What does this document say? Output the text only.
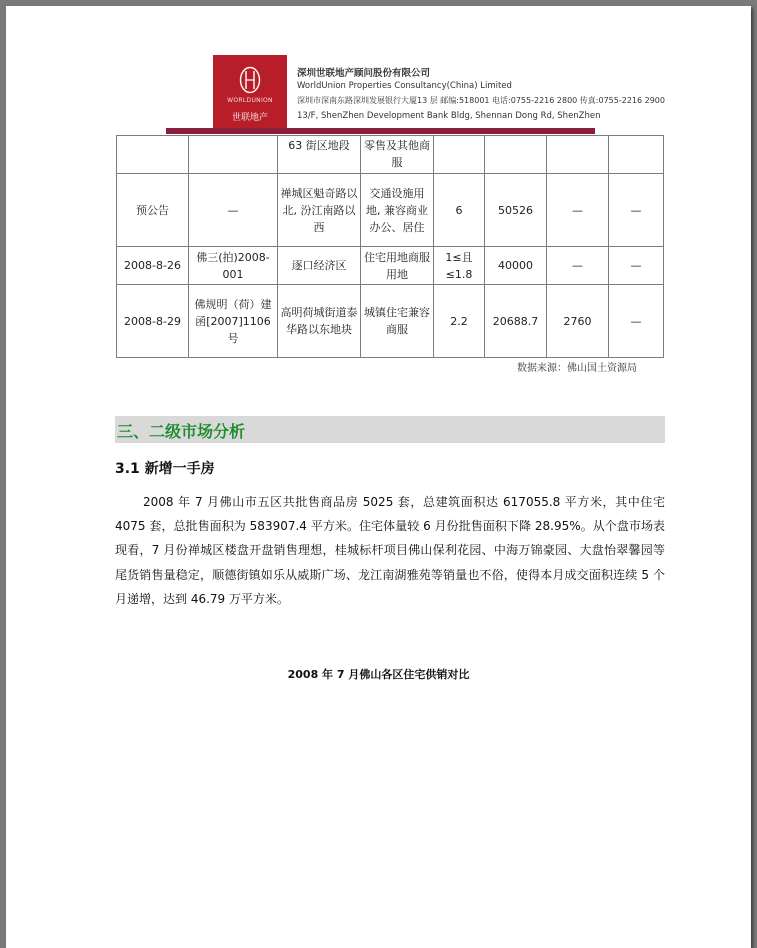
WORLDUNION
世联地产
深圳世联地产顾问股份有限公司
WorldUnion Properties Consultancy(China) Limited
深圳市深南东路深圳发展银行大厦13 层 邮编:518001 电话:0755-2216 2800 传真:0755-2216 2900
13/F, ShenZhen Development Bank Bldg, Shennan Dong Rd, ShenZhen
		63 街区地段	零售及其他商服				
预公告	—	禅城区魁奇路以北, 汾江南路以西	交通设施用地, 兼容商业办公、居住	6	50526	—	—
2008-8-26	佛三(拍)2008-001	逐口经济区	住宅用地商服用地	1≤且≤1.8	40000	—	—
2008-8-29	佛规明（荷）建函[2007]1106号	高明荷城街道泰华路以东地块	城镇住宅兼容商服	2.2	20688.7	2760	—
数据来源：佛山国土资源局
三、二级市场分析
3.1 新增一手房

2008 年 7 月佛山市五区共批售商品房 5025 套，总建筑面积达 617055.8 平方米，其中住宅 4075 套，总批售面积为 583907.4 平方米。住宅体量较 6 月份批售面积下降 28.95%。从个盘市场表现看，7 月份禅城区楼盘开盘销售理想，桂城标杆项目佛山保利花园、中海万锦豪园、大盘怡翠馨园等尾货销售量稳定，顺德街镇如乐从威斯广场、龙江南湖雅苑等销量也不俗，使得本月成交面积连续 5 个月递增，达到 46.79 万平方米。

2008 年 7 月佛山各区住宅供销对比
